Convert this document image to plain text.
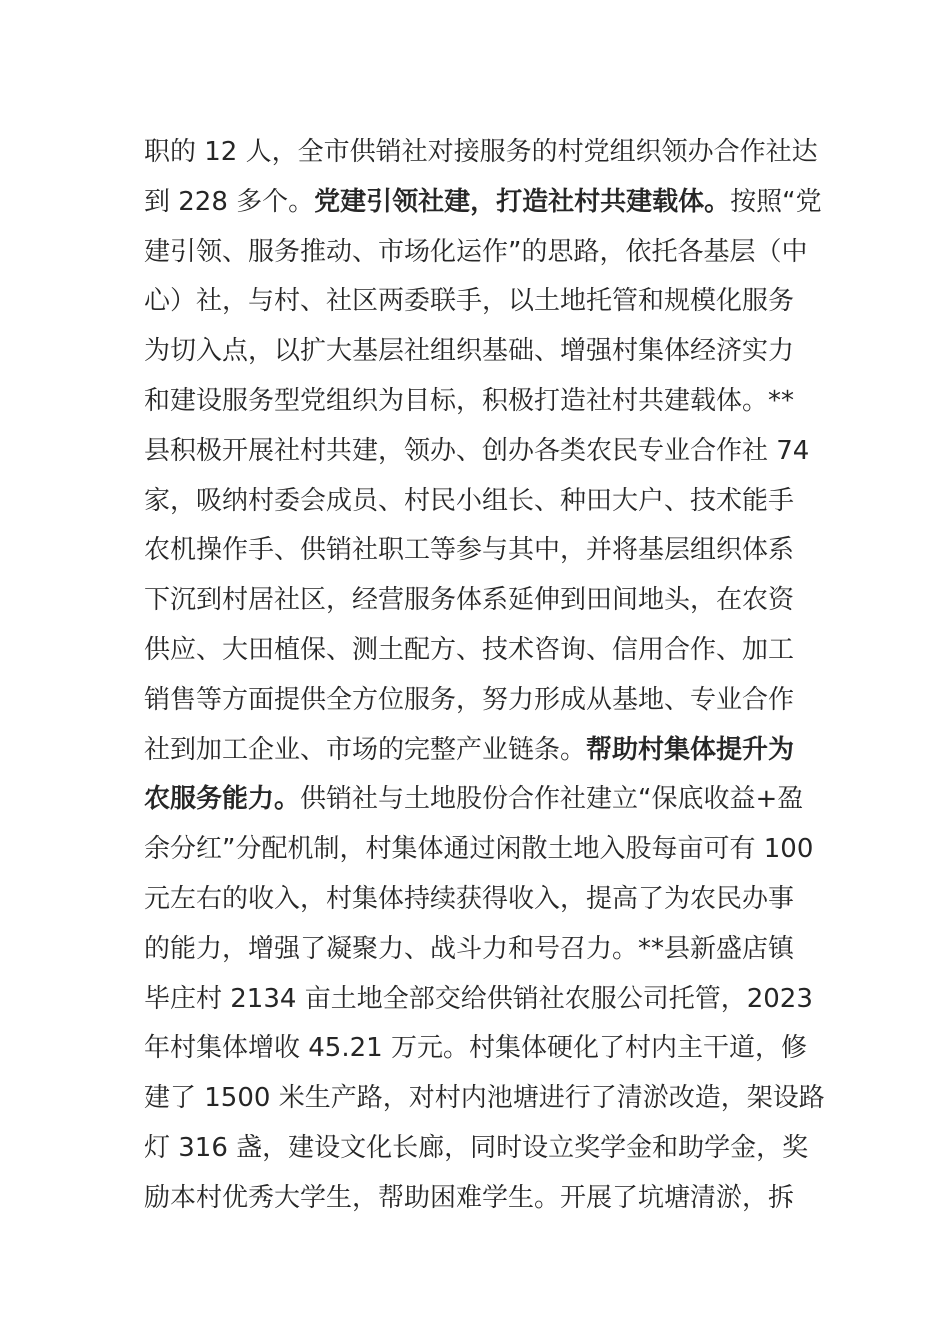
职的 12 人，全市供销社对接服务的村党组织领办合作社达
到 228 多个。党建引领社建，打造社村共建载体。按照“党
建引领、服务推动、市场化运作”的思路，依托各基层（中
心）社，与村、社区两委联手，以土地托管和规模化服务
为切入点，以扩大基层社组织基础、增强村集体经济实力
和建设服务型党组织为目标，积极打造社村共建载体。**
县积极开展社村共建，领办、创办各类农民专业合作社 74
家，吸纳村委会成员、村民小组长、种田大户、技术能手
农机操作手、供销社职工等参与其中，并将基层组织体系
下沉到村居社区，经营服务体系延伸到田间地头，在农资
供应、大田植保、测土配方、技术咨询、信用合作、加工
销售等方面提供全方位服务，努力形成从基地、专业合作
社到加工企业、市场的完整产业链条。帮助村集体提升为
农服务能力。供销社与土地股份合作社建立“保底收益+盈
余分红”分配机制，村集体通过闲散土地入股每亩可有 100
元左右的收入，村集体持续获得收入，提高了为农民办事
的能力，增强了凝聚力、战斗力和号召力。**县新盛店镇
毕庄村 2134 亩土地全部交给供销社农服公司托管，2023
年村集体增收 45.21 万元。村集体硬化了村内主干道，修
建了 1500 米生产路，对村内池塘进行了清淤改造，架设路
灯 316 盏，建设文化长廊，同时设立奖学金和助学金，奖
励本村优秀大学生，帮助困难学生。开展了坑塘清淤，拆
